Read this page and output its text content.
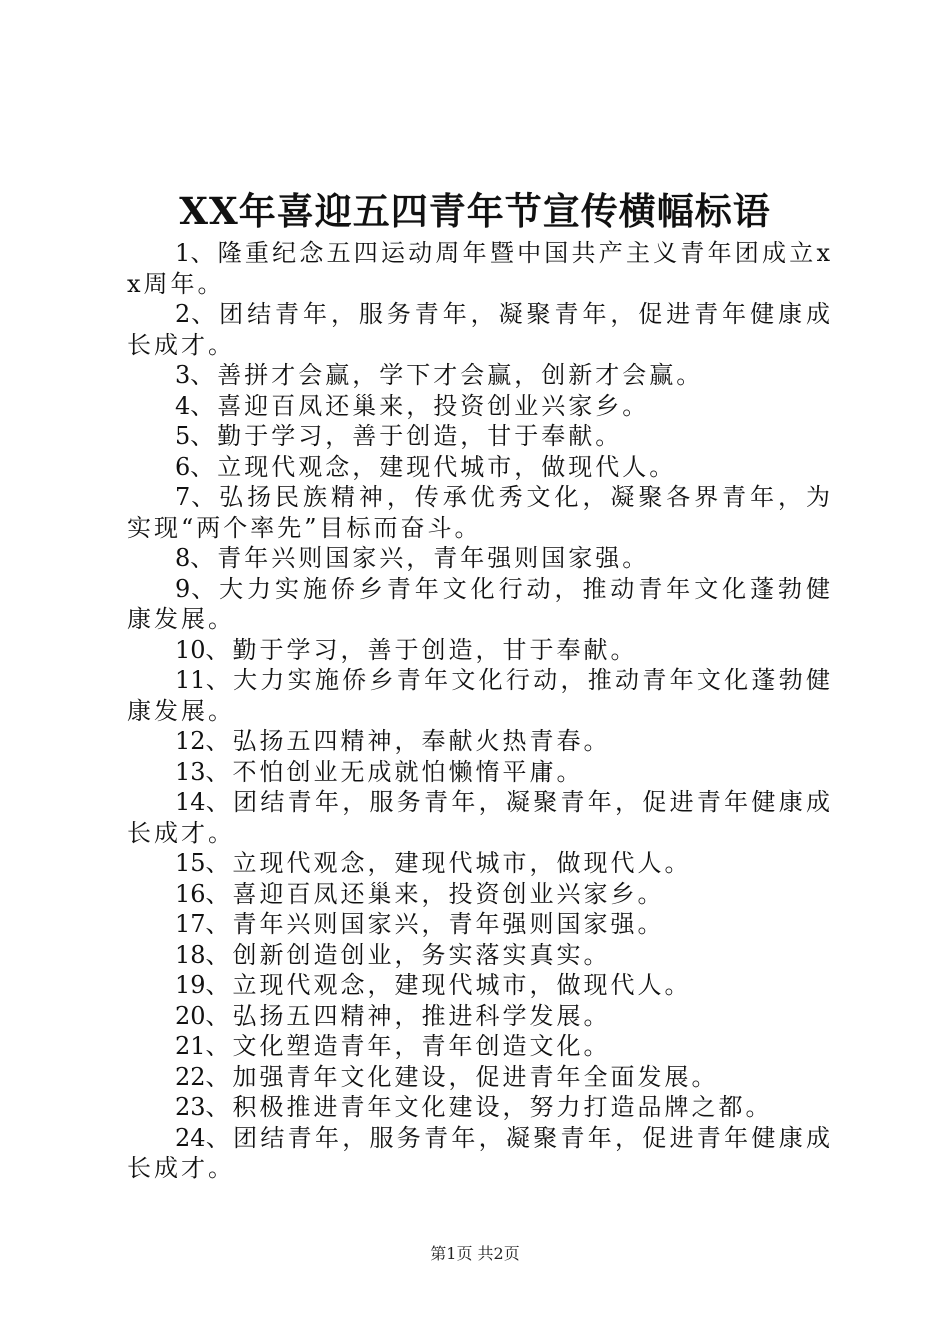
XX年喜迎五四青年节宣传横幅标语

1、隆重纪念五四运动周年暨中国共产主义青年团成立xx周年。

2、团结青年，服务青年，凝聚青年，促进青年健康成长成才。

3、善拼才会赢，学下才会赢，创新才会赢。

4、喜迎百凤还巢来，投资创业兴家乡。

5、勤于学习，善于创造，甘于奉献。

6、立现代观念，建现代城市，做现代人。

7、弘扬民族精神，传承优秀文化，凝聚各界青年，为实现“两个率先”目标而奋斗。

8、青年兴则国家兴，青年强则国家强。

9、大力实施侨乡青年文化行动，推动青年文化蓬勃健康发展。

10、勤于学习，善于创造，甘于奉献。

11、大力实施侨乡青年文化行动，推动青年文化蓬勃健康发展。

12、弘扬五四精神，奉献火热青春。

13、不怕创业无成就怕懒惰平庸。

14、团结青年，服务青年，凝聚青年，促进青年健康成长成才。

15、立现代观念，建现代城市，做现代人。

16、喜迎百凤还巢来，投资创业兴家乡。

17、青年兴则国家兴，青年强则国家强。

18、创新创造创业，务实落实真实。

19、立现代观念，建现代城市，做现代人。

20、弘扬五四精神，推进科学发展。

21、文化塑造青年，青年创造文化。

22、加强青年文化建设，促进青年全面发展。

23、积极推进青年文化建设，努力打造品牌之都。

24、团结青年，服务青年，凝聚青年，促进青年健康成长成才。

第1页 共2页
